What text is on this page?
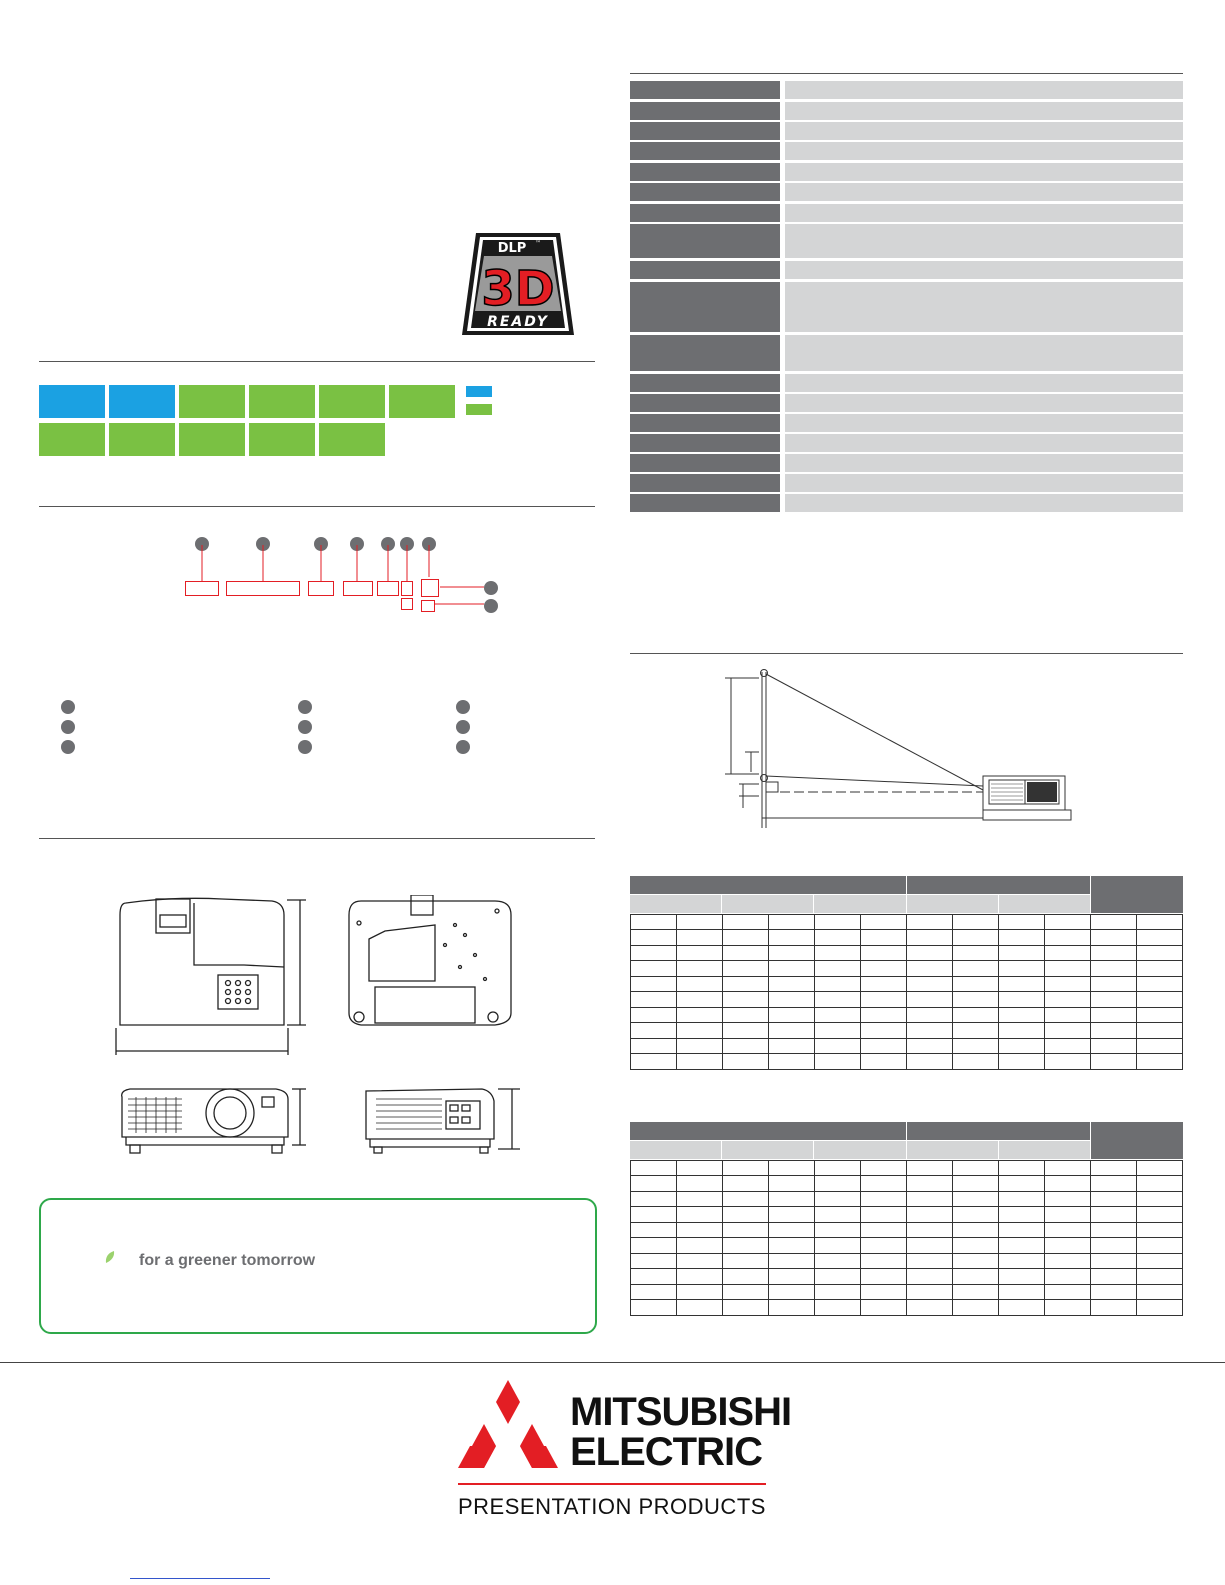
DLP ™
3D
READY
for a greener tomorrow
MITSUBISHI
ELECTRIC
PRESENTATION PRODUCTS
